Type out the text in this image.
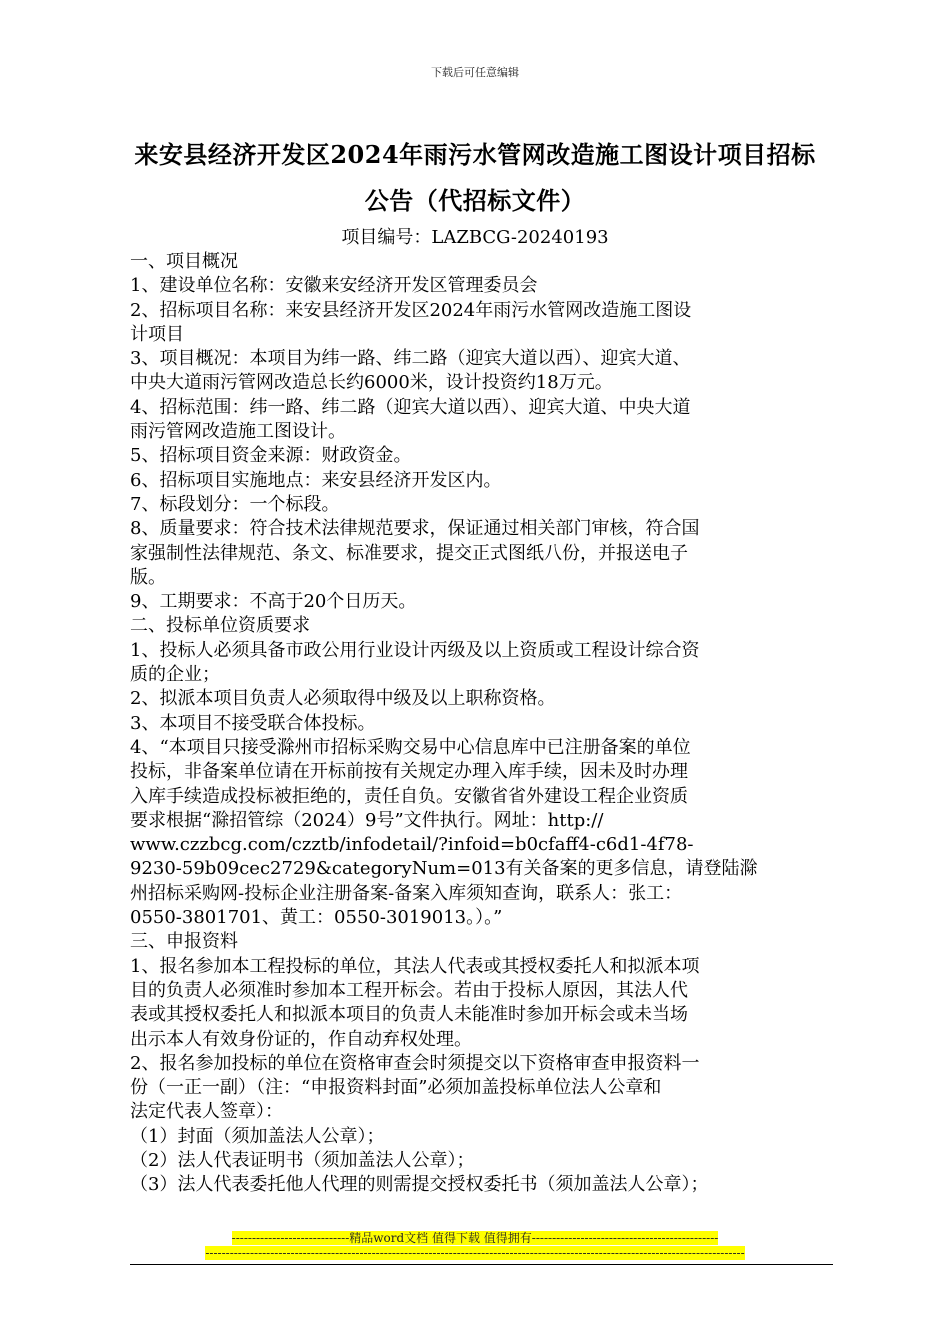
下载后可任意编辑
来安县经济开发区2024年雨污水管网改造施工图设计项目招标
公告（代招标文件）
项目编号：LAZBCG-20240193
一、项目概况
1、建设单位名称：安徽来安经济开发区管理委员会
2、招标项目名称：来安县经济开发区2024年雨污水管网改造施工图设
计项目
3、项目概况：本项目为纬一路、纬二路（迎宾大道以西）、迎宾大道、
中央大道雨污管网改造总长约6000米，设计投资约18万元。
4、招标范围：纬一路、纬二路（迎宾大道以西）、迎宾大道、中央大道
雨污管网改造施工图设计。
5、招标项目资金来源：财政资金。
6、招标项目实施地点：来安县经济开发区内。
7、标段划分：一个标段。
8、质量要求：符合技术法律规范要求，保证通过相关部门审核，符合国
家强制性法律规范、条文、标准要求，提交正式图纸八份，并报送电子
版。
9、工期要求：不高于20个日历天。
二、投标单位资质要求
1、投标人必须具备市政公用行业设计丙级及以上资质或工程设计综合资
质的企业；
2、拟派本项目负责人必须取得中级及以上职称资格。
3、本项目不接受联合体投标。
4、“本项目只接受滁州市招标采购交易中心信息库中已注册备案的单位
投标，非备案单位请在开标前按有关规定办理入库手续，因未及时办理
入库手续造成投标被拒绝的，责任自负。安徽省省外建设工程企业资质
要求根据“滁招管综（2024）9号”文件执行。网址：http://
www.czzbcg.com/czztb/infodetail/?infoid=b0cfaff4-c6d1-4f78-
9230-59b09cec2729&categoryNum=013有关备案的更多信息，请登陆滁
州招标采购网-投标企业注册备案-备案入库须知查询，联系人：张工：
0550-3801701、黄工：0550-3019013。）。”
三、申报资料
1、报名参加本工程投标的单位，其法人代表或其授权委托人和拟派本项
目的负责人必须准时参加本工程开标会。若由于投标人原因，其法人代
表或其授权委托人和拟派本项目的负责人未能准时参加开标会或未当场
出示本人有效身份证的，作自动弃权处理。
2、报名参加投标的单位在资格审查会时须提交以下资格审查申报资料一
份（一正一副）（注：“申报资料封面”必须加盖投标单位法人公章和
法定代表人签章）：
（1）封面（须加盖法人公章）；
（2）法人代表证明书（须加盖法人公章）；
（3）法人代表委托他人代理的则需提交授权委托书（须加盖法人公章）；
-----------------------------精品word文档 值得下载 值得拥有----------------------------------------------
-------------------------------------------------------------------------------------------------------------------------------------
